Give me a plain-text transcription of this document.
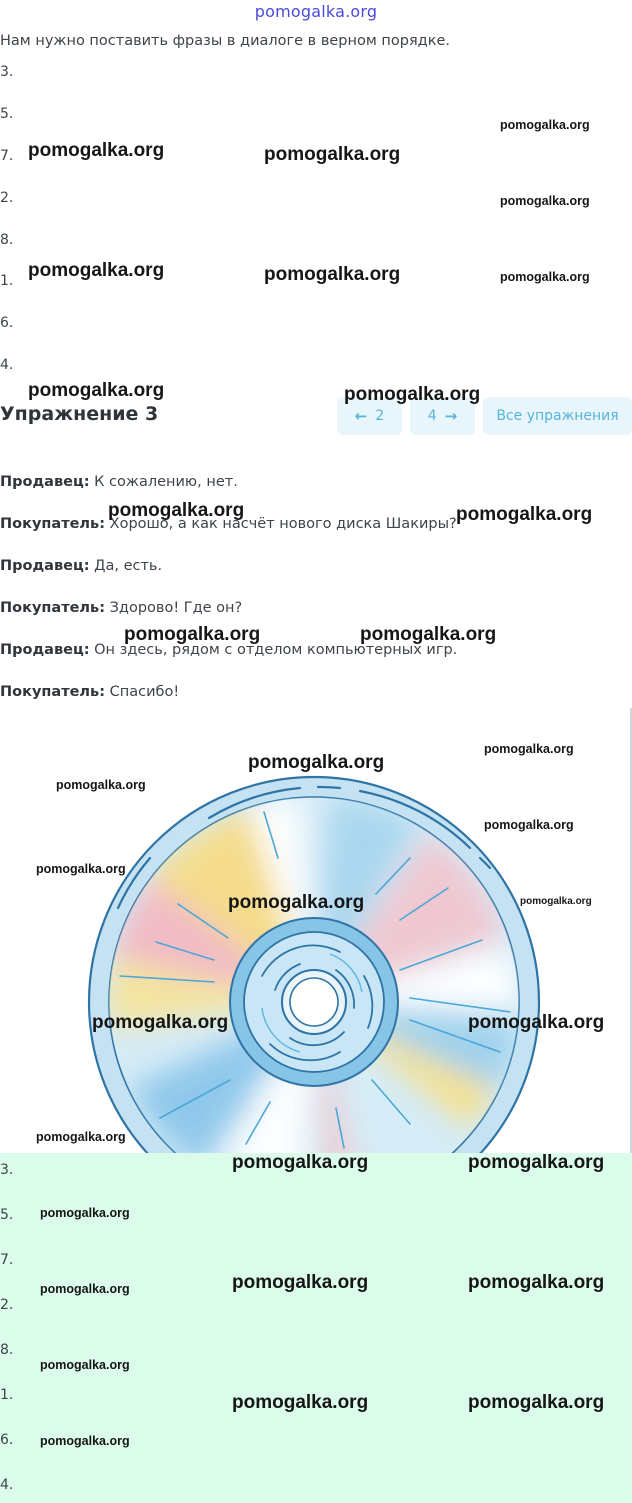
pomogalka.org
Нам нужно поставить фразы в диалоге в верном порядке.
3.
5.
7.
2.
8.
1.
6.
4.
Упражнение 3	← 2	4 →	Все упражнения
Продавец: К сожалению, нет.
Покупатель: Хорошо, а как насчёт нового диска Шакиры?
Продавец: Да, есть.
Покупатель: Здорово! Где он?
Продавец: Он здесь, рядом с отделом компьютерных игр.
Покупатель: Спасибо!
3.
5.
7.
2.
8.
1.
6.
4.
pomogalka.org
pomogalka.org	pomogalka.org
pomogalka.org
pomogalka.org	pomogalka.org	pomogalka.org
pomogalka.org	pomogalka.org
pomogalka.org	pomogalka.org
pomogalka.org	pomogalka.org
pomogalka.org
pomogalka.org
pomogalka.org
pomogalka.org
pomogalka.org
pomogalka.org	pomogalka.org
pomogalka.org	pomogalka.org
pomogalka.org
pomogalka.org	pomogalka.org
pomogalka.org
pomogalka.org	pomogalka.org
pomogalka.org
pomogalka.org
pomogalka.org	pomogalka.org
pomogalka.org
